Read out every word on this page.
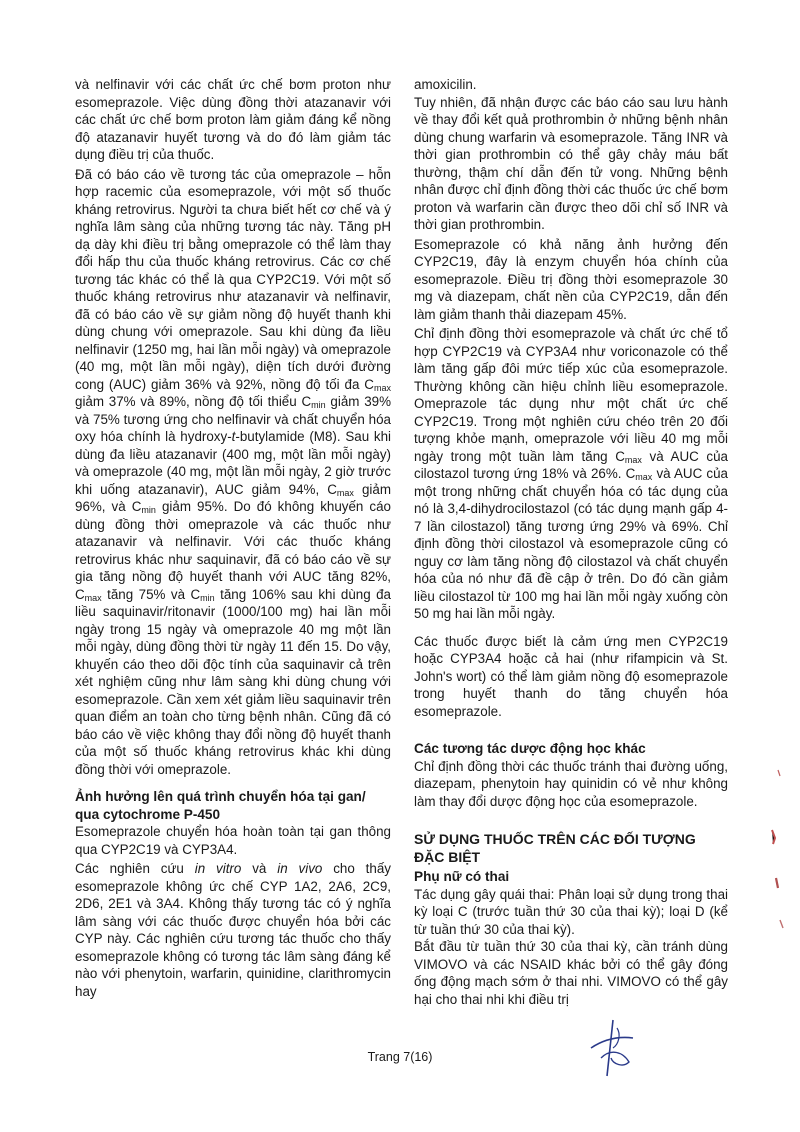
và nelfinavir với các chất ức chế bơm proton như esomeprazole. Việc dùng đồng thời atazanavir với các chất ức chế bơm proton làm giảm đáng kể nồng độ atazanavir huyết tương và do đó làm giảm tác dụng điều trị của thuốc.

Đã có báo cáo về tương tác của omeprazole – hỗn hợp racemic của esomeprazole, với một số thuốc kháng retrovirus. Người ta chưa biết hết cơ chế và ý nghĩa lâm sàng của những tương tác này. Tăng pH dạ dày khi điều trị bằng omeprazole có thể làm thay đổi hấp thu của thuốc kháng retrovirus. Các cơ chế tương tác khác có thể là qua CYP2C19. Với một số thuốc kháng retrovirus như atazanavir và nelfinavir, đã có báo cáo về sự giảm nồng độ huyết thanh khi dùng chung với omeprazole. Sau khi dùng đa liều nelfinavir (1250 mg, hai lần mỗi ngày) và omeprazole (40 mg, một lần mỗi ngày), diện tích dưới đường cong (AUC) giảm 36% và 92%, nồng độ tối đa $C_{max}$ giảm 37% và 89%, nồng độ tối thiểu $C_{min}$ giảm 39% và 75% tương ứng cho nelfinavir và chất chuyển hóa oxy hóa chính là hydroxy-t-butylamide (M8). Sau khi dùng đa liều atazanavir (400 mg, một lần mỗi ngày) và omeprazole (40 mg, một lần mỗi ngày, 2 giờ trước khi uống atazanavir), AUC giảm 94%, $C_{max}$ giảm 96%, và $C_{min}$ giảm 95%. Do đó không khuyến cáo dùng đồng thời omeprazole và các thuốc như atazanavir và nelfinavir. Với các thuốc kháng retrovirus khác như saquinavir, đã có báo cáo về sự gia tăng nồng độ huyết thanh với AUC tăng 82%, $C_{max}$ tăng 75% và $C_{min}$ tăng 106% sau khi dùng đa liều saquinavir/ritonavir (1000/100 mg) hai lần mỗi ngày trong 15 ngày và omeprazole 40 mg một lần mỗi ngày, dùng đồng thời từ ngày 11 đến 15. Do vậy, khuyến cáo theo dõi độc tính của saquinavir cả trên xét nghiệm cũng như lâm sàng khi dùng chung với esomeprazole. Cần xem xét giảm liều saquinavir trên quan điểm an toàn cho từng bệnh nhân. Cũng đã có báo cáo về việc không thay đổi nồng độ huyết thanh của một số thuốc kháng retrovirus khác khi dùng đồng thời với omeprazole.

Ảnh hưởng lên quá trình chuyển hóa tại gan/ qua cytochrome P-450

Esomeprazole chuyển hóa hoàn toàn tại gan thông qua CYP2C19 và CYP3A4.

Các nghiên cứu in vitro và in vivo cho thấy esomeprazole không ức chế CYP 1A2, 2A6, 2C9, 2D6, 2E1 và 3A4. Không thấy tương tác có ý nghĩa lâm sàng với các thuốc được chuyển hóa bởi các CYP này. Các nghiên cứu tương tác thuốc cho thấy esomeprazole không có tương tác lâm sàng đáng kể nào với phenytoin, warfarin, quinidine, clarithromycin hay

amoxicilin.

Tuy nhiên, đã nhận được các báo cáo sau lưu hành về thay đổi kết quả prothrombin ở những bệnh nhân dùng chung warfarin và esomeprazole. Tăng INR và thời gian prothrombin có thể gây chảy máu bất thường, thậm chí dẫn đến tử vong. Những bệnh nhân được chỉ định đồng thời các thuốc ức chế bơm proton và warfarin cần được theo dõi chỉ số INR và thời gian prothrombin.

Esomeprazole có khả năng ảnh hưởng đến CYP2C19, đây là enzym chuyển hóa chính của esomeprazole. Điều trị đồng thời esomeprazole 30 mg và diazepam, chất nền của CYP2C19, dẫn đến làm giảm thanh thải diazepam 45%.

Chỉ định đồng thời esomeprazole và chất ức chế tổ hợp CYP2C19 và CYP3A4 như voriconazole có thể làm tăng gấp đôi mức tiếp xúc của esomeprazole. Thường không cần hiệu chỉnh liều esomeprazole. Omeprazole tác dụng như một chất ức chế CYP2C19. Trong một nghiên cứu chéo trên 20 đối tượng khỏe mạnh, omeprazole với liều 40 mg mỗi ngày trong một tuần làm tăng $C_{max}$ và AUC của cilostazol tương ứng 18% và 26%. $C_{max}$ và AUC của một trong những chất chuyển hóa có tác dụng của nó là 3,4-dihydrocilostazol (có tác dụng mạnh gấp 4-7 lần cilostazol) tăng tương ứng 29% và 69%. Chỉ định đồng thời cilostazol và esomeprazole cũng có nguy cơ làm tăng nồng độ cilostazol và chất chuyển hóa của nó như đã đề cập ở trên. Do đó cần giảm liều cilostazol từ 100 mg hai lần mỗi ngày xuống còn 50 mg hai lần mỗi ngày.

Các thuốc được biết là cảm ứng men CYP2C19 hoặc CYP3A4 hoặc cả hai (như rifampicin và St. John's wort) có thể làm giảm nồng độ esomeprazole trong huyết thanh do tăng chuyển hóa esomeprazole.

Các tương tác dược động học khác

Chỉ định đồng thời các thuốc tránh thai đường uống, diazepam, phenytoin hay quinidin có vẻ như không làm thay đổi dược động học của esomeprazole.

SỬ DỤNG THUỐC TRÊN CÁC ĐỐI TƯỢNG ĐẶC BIỆT
Phụ nữ có thai

Tác dụng gây quái thai: Phân loại sử dụng trong thai kỳ loại C (trước tuần thứ 30 của thai kỳ); loại D (kể từ tuần thứ 30 của thai kỳ).

Bắt đầu từ tuần thứ 30 của thai kỳ, cần tránh dùng VIMOVO và các NSAID khác bởi có thể gây đóng ống động mạch sớm ở thai nhi. VIMOVO có thể gây hại cho thai nhi khi điều trị

Trang 7(16)
